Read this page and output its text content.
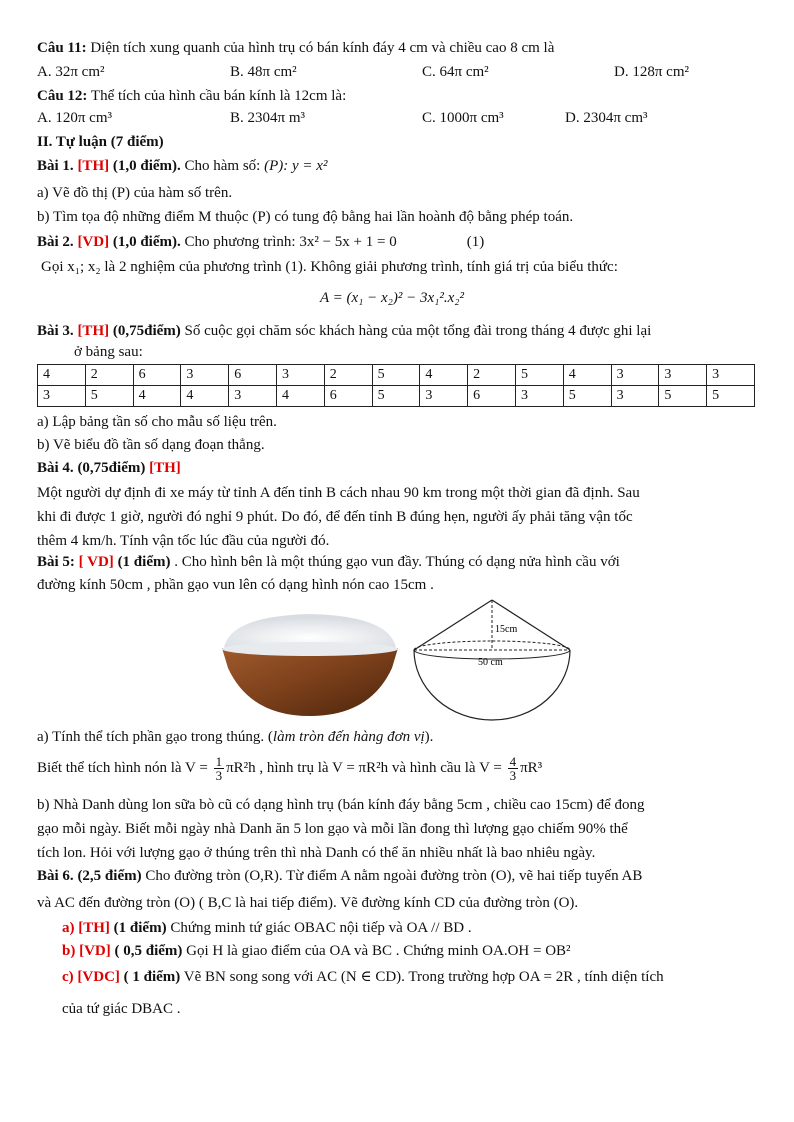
Câu 11: Diện tích xung quanh của hình trụ có bán kính đáy 4 cm và chiều cao 8 cm là
A. 32π cm²	B. 48π cm²	C. 64π cm²	D. 128π cm²
Câu 12: Thể tích của hình cầu bán kính là 12cm là:
A. 120π cm³	B. 2304π m³	C. 1000π cm³	D. 2304π cm³
II. Tự luận (7 điểm)
Bài 1. [TH] (1,0 điểm). Cho hàm số: (P): y = x²
a) Vẽ đồ thị (P) của hàm số trên.
b) Tìm tọa độ những điểm M thuộc (P) có tung độ bằng hai lần hoành độ bằng phép toán.
Bài 2. [VD] (1,0 điểm). Cho phương trình: 3x² − 5x + 1 = 0	(1)
Gọi x₁; x₂ là 2 nghiệm của phương trình (1). Không giải phương trình, tính giá trị của biểu thức:
A = (x₁ − x₂)² − 3x₁².x₂²
Bài 3. [TH] (0,75điểm) Số cuộc gọi chăm sóc khách hàng của một tổng đài trong tháng 4 được ghi lại
ở bảng sau:
4	2	6	3	6	3	2	5	4	2	5	4	3	3	3
3	5	4	4	3	4	6	5	3	6	3	5	3	5	5
a) Lập bảng tần số cho mẫu số liệu trên.
b) Vẽ biểu đồ tần số dạng đoạn thẳng.
Bài 4. (0,75điểm) [TH]
Một người dự định đi xe máy từ tỉnh A đến tỉnh B cách nhau 90 km trong một thời gian đã định. Sau
khi đi được 1 giờ, người đó nghỉ 9 phút. Do đó, để đến tỉnh B đúng hẹn, người ấy phải tăng vận tốc
thêm 4 km/h. Tính vận tốc lúc đầu của người đó.
Bài 5: [ VD] (1 điểm) . Cho hình bên là một thúng gạo vun đầy. Thúng có dạng nửa hình cầu với
đường kính 50cm , phần gạo vun lên có dạng hình nón cao 15cm .
15cm
50 cm
a) Tính thể tích phần gạo trong thúng. (làm tròn đến hàng đơn vị).
Biết thể tích hình nón là $V = \frac{1}{3} \pi R^2h$ , hình trụ là V = πR²h và hình cầu là $V = \frac{4}{3} \pi R^3$
b) Nhà Danh dùng lon sữa bò cũ có dạng hình trụ (bán kính đáy bằng 5cm , chiều cao 15cm) để đong
gạo mỗi ngày. Biết mỗi ngày nhà Danh ăn 5 lon gạo và mỗi lần đong thì lượng gạo chiếm 90% thể
tích lon. Hỏi với lượng gạo ở thúng trên thì nhà Danh có thể ăn nhiều nhất là bao nhiêu ngày.
Bài 6. (2,5 điểm) Cho đường tròn (O,R). Từ điểm A nằm ngoài đường tròn (O), vẽ hai tiếp tuyến AB
và AC đến đường tròn (O) ( B,C là hai tiếp điểm). Vẽ đường kính CD của đường tròn (O).
a) [TH] (1 điểm) Chứng minh tứ giác OBAC nội tiếp và OA // BD .
b) [VD] ( 0,5 điểm) Gọi H là giao điểm của OA và BC . Chứng minh OA.OH = OB²
c) [VDC] ( 1 điểm) Vẽ BN song song với AC (N ∈ CD). Trong trường hợp OA = 2R , tính diện tích
của tứ giác DBAC .
